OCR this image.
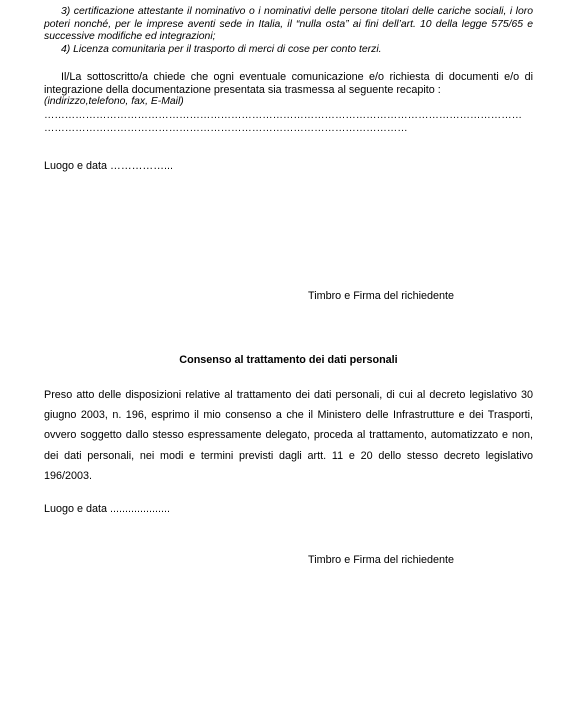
3) certificazione attestante il nominativo o i nominativi delle persone titolari delle cariche sociali, i loro poteri nonché, per le imprese aventi sede in Italia, il “nulla osta” ai fini dell’art. 10 della legge 575/65 e successive modifiche ed integrazioni;
4) Licenza comunitaria per il trasporto di merci di cose per conto terzi.
Il/La sottoscritto/a chiede che ogni eventuale comunicazione e/o richiesta di documenti e/o di integrazione della documentazione presentata sia trasmessa al seguente recapito :
(indirizzo,telefono, fax, E-Mail)
…………………………………………………………………………………………………………………………
……………………………………………………………………………………………
Luogo e data ……………...
Timbro e Firma del richiedente
Consenso al trattamento dei dati personali
Preso atto delle disposizioni relative al trattamento dei dati personali, di cui al decreto legislativo 30 giugno 2003, n. 196, esprimo il mio consenso a che il Ministero delle Infrastrutture e dei Trasporti, ovvero soggetto dallo stesso espressamente delegato, proceda al trattamento, automatizzato e non, dei dati personali, nei modi e termini previsti dagli artt. 11 e 20 dello stesso decreto legislativo 196/2003.
Luogo e data ....................
Timbro e Firma del richiedente
